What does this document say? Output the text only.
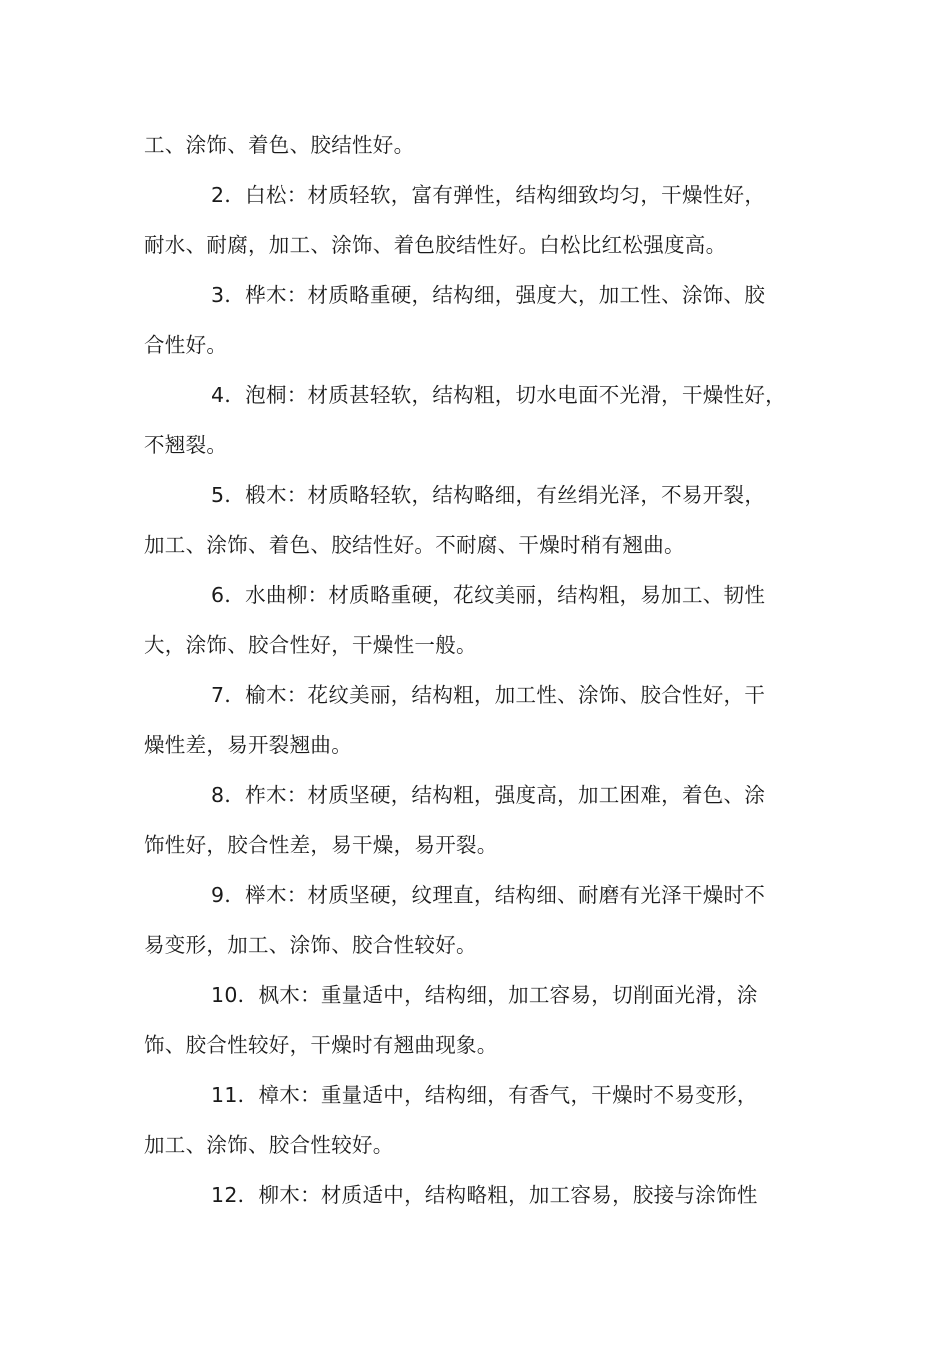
工、涂饰、着色、胶结性好。
2．白松：材质轻软，富有弹性，结构细致均匀，干燥性好，
耐水、耐腐，加工、涂饰、着色胶结性好。白松比红松强度高。
3．桦木：材质略重硬，结构细，强度大，加工性、涂饰、胶
合性好。
4．泡桐：材质甚轻软，结构粗，切水电面不光滑，干燥性好，
不翘裂。
5．椴木：材质略轻软，结构略细，有丝绢光泽，不易开裂，
加工、涂饰、着色、胶结性好。不耐腐、干燥时稍有翘曲。
6．水曲柳：材质略重硬，花纹美丽，结构粗，易加工、韧性
大，涂饰、胶合性好，干燥性一般。
7．榆木：花纹美丽，结构粗，加工性、涂饰、胶合性好，干
燥性差，易开裂翘曲。
8．柞木：材质坚硬，结构粗，强度高，加工困难，着色、涂
饰性好，胶合性差，易干燥，易开裂。
9．榉木：材质坚硬，纹理直，结构细、耐磨有光泽干燥时不
易变形，加工、涂饰、胶合性较好。
10．枫木：重量适中，结构细，加工容易，切削面光滑，涂
饰、胶合性较好，干燥时有翘曲现象。
11．樟木：重量适中，结构细，有香气，干燥时不易变形，
加工、涂饰、胶合性较好。
12．柳木：材质适中，结构略粗，加工容易，胶接与涂饰性
